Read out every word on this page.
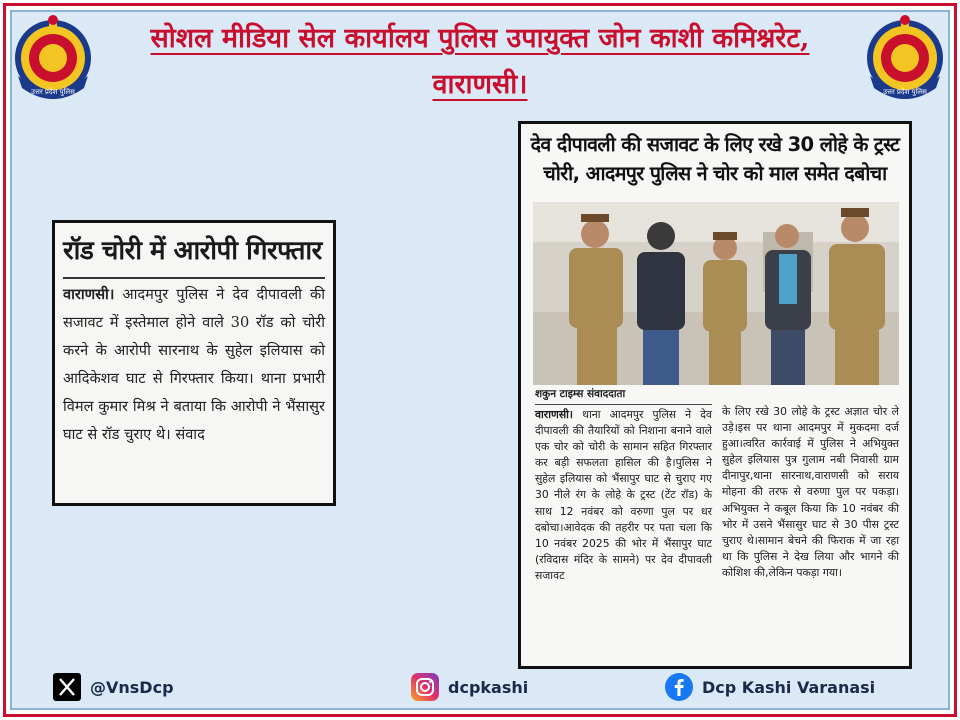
उत्तर प्रदेश पुलिस	उत्तर प्रदेश पुलिस
सोशल मीडिया सेल कार्यालय पुलिस उपायुक्त जोन काशी कमिश्नरेट,
वाराणसी।
रॉड चोरी में आरोपी गिरफ्तार
वाराणसी। आदमपुर पुलिस ने देव दीपावली की सजावट में इस्तेमाल होने वाले 30 रॉड को चोरी करने के आरोपी सारनाथ के सुहेल इलियास को आदिकेशव घाट से गिरफ्तार किया। थाना प्रभारी विमल कुमार मिश्र ने बताया कि आरोपी ने भैंसासुर घाट से रॉड चुराए थे। संवाद
देव दीपावली की सजावट के लिए रखे 30 लोहे के ट्रस्ट चोरी, आदमपुर पुलिस ने चोर को माल समेत दबोचा
शकुन टाइम्स संवाददाता
वाराणसी। थाना आदमपुर पुलिस ने देव दीपावली की तैयारियों को निशाना बनाने वाले एक चोर को चोरी के सामान सहित गिरफ्तार कर बड़ी सफलता हासिल की है।पुलिस ने सुहेल इलियास को भैंसापुर घाट से चुराए गए 30 नीले रंग के लोहे के ट्रस्ट (टेंट रॉड) के साथ 12 नवंबर को वरुणा पुल पर धर दबोचा।आवेदक की तहरीर पर पता चला कि 10 नवंबर 2025 की भोर में भैंसापुर घाट (रविदास मंदिर के सामने) पर देव दीपावली सजावट
के लिए रखे 30 लोहे के ट्रस्ट अज्ञात चोर ले उड़े।इस पर थाना आदमपुर में मुकदमा दर्ज हुआ।त्वरित कार्रवाई में पुलिस ने अभियुक्त सुहेल इलियास पुत्र गुलाम नबी निवासी ग्राम दीनापुर,थाना सारनाथ,वाराणसी को सराय मोहना की तरफ से वरुणा पुल पर पकड़ा।अभियुक्त ने कबूल किया कि 10 नवंबर की भोर में उसने भैंसासुर घाट से 30 पीस ट्रस्ट चुराए थे।सामान बेचने की फिराक में जा रहा था कि पुलिस ने देख लिया और भागने की कोशिश की,लेकिन पकड़ा गया।
@VnsDcp	dcpkashi	Dcp Kashi Varanasi
